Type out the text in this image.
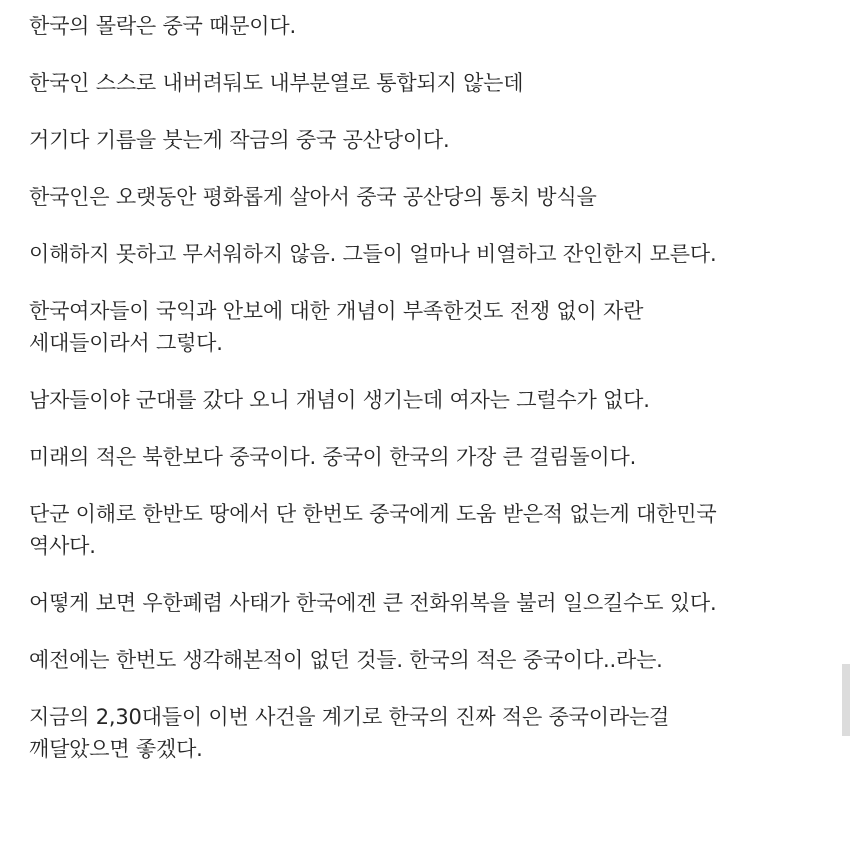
한국의 몰락은 중국 때문이다.

한국인 스스로 내버려둬도 내부분열로 통합되지 않는데

거기다 기름을 붓는게 작금의 중국 공산당이다.

한국인은 오랫동안 평화롭게 살아서 중국 공산당의 통치 방식을

이해하지 못하고 무서워하지 않음. 그들이 얼마나 비열하고 잔인한지 모른다.

한국여자들이 국익과 안보에 대한 개념이 부족한것도 전쟁 없이 자란
세대들이라서 그렇다.

남자들이야 군대를 갔다 오니 개념이 생기는데 여자는 그럴수가 없다.

미래의 적은 북한보다 중국이다. 중국이 한국의 가장 큰 걸림돌이다.

단군 이해로 한반도 땅에서 단 한번도 중국에게 도움 받은적 없는게 대한민국
역사다.

어떻게 보면 우한폐렴 사태가 한국에겐 큰 전화위복을 불러 일으킬수도 있다.

예전에는 한번도 생각해본적이 없던 것들. 한국의 적은 중국이다..라는.

지금의 2,30대들이 이번 사건을 계기로 한국의 진짜 적은 중국이라는걸
깨달았으면 좋겠다.
